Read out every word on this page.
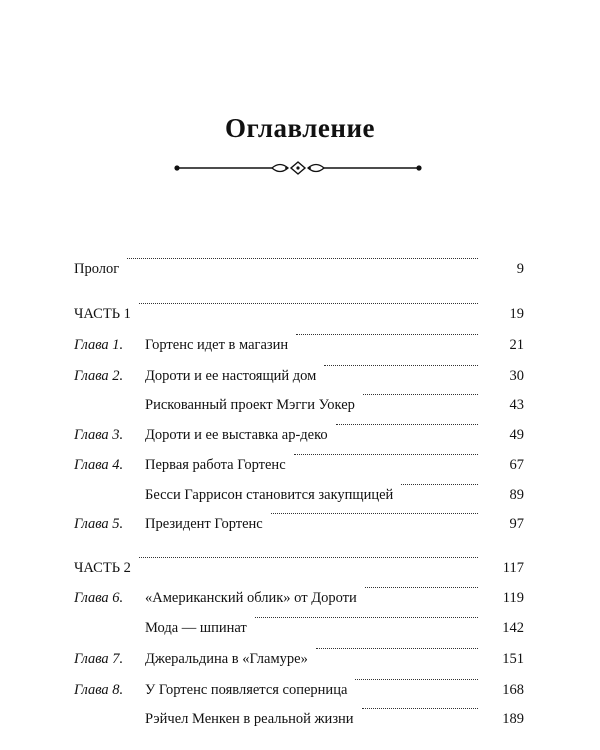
Оглавление
Пролог	9
ЧАСТЬ 1	19
Глава 1. Гортенс идет в магазин	21
Глава 2. Дороти и ее настоящий дом	30
Рискованный проект Мэгги Уокер	43
Глава 3. Дороти и ее выставка ар-деко	49
Глава 4. Первая работа Гортенс	67
Бесси Гаррисон становится закупщицей	89
Глава 5. Президент Гортенс	97
ЧАСТЬ 2	117
Глава 6. «Американский облик» от Дороти	119
Мода — шпинат	142
Глава 7. Джеральдина в «Гламуре»	151
Глава 8. У Гортенс появляется соперница	168
Рэйчел Менкен в реальной жизни	189
